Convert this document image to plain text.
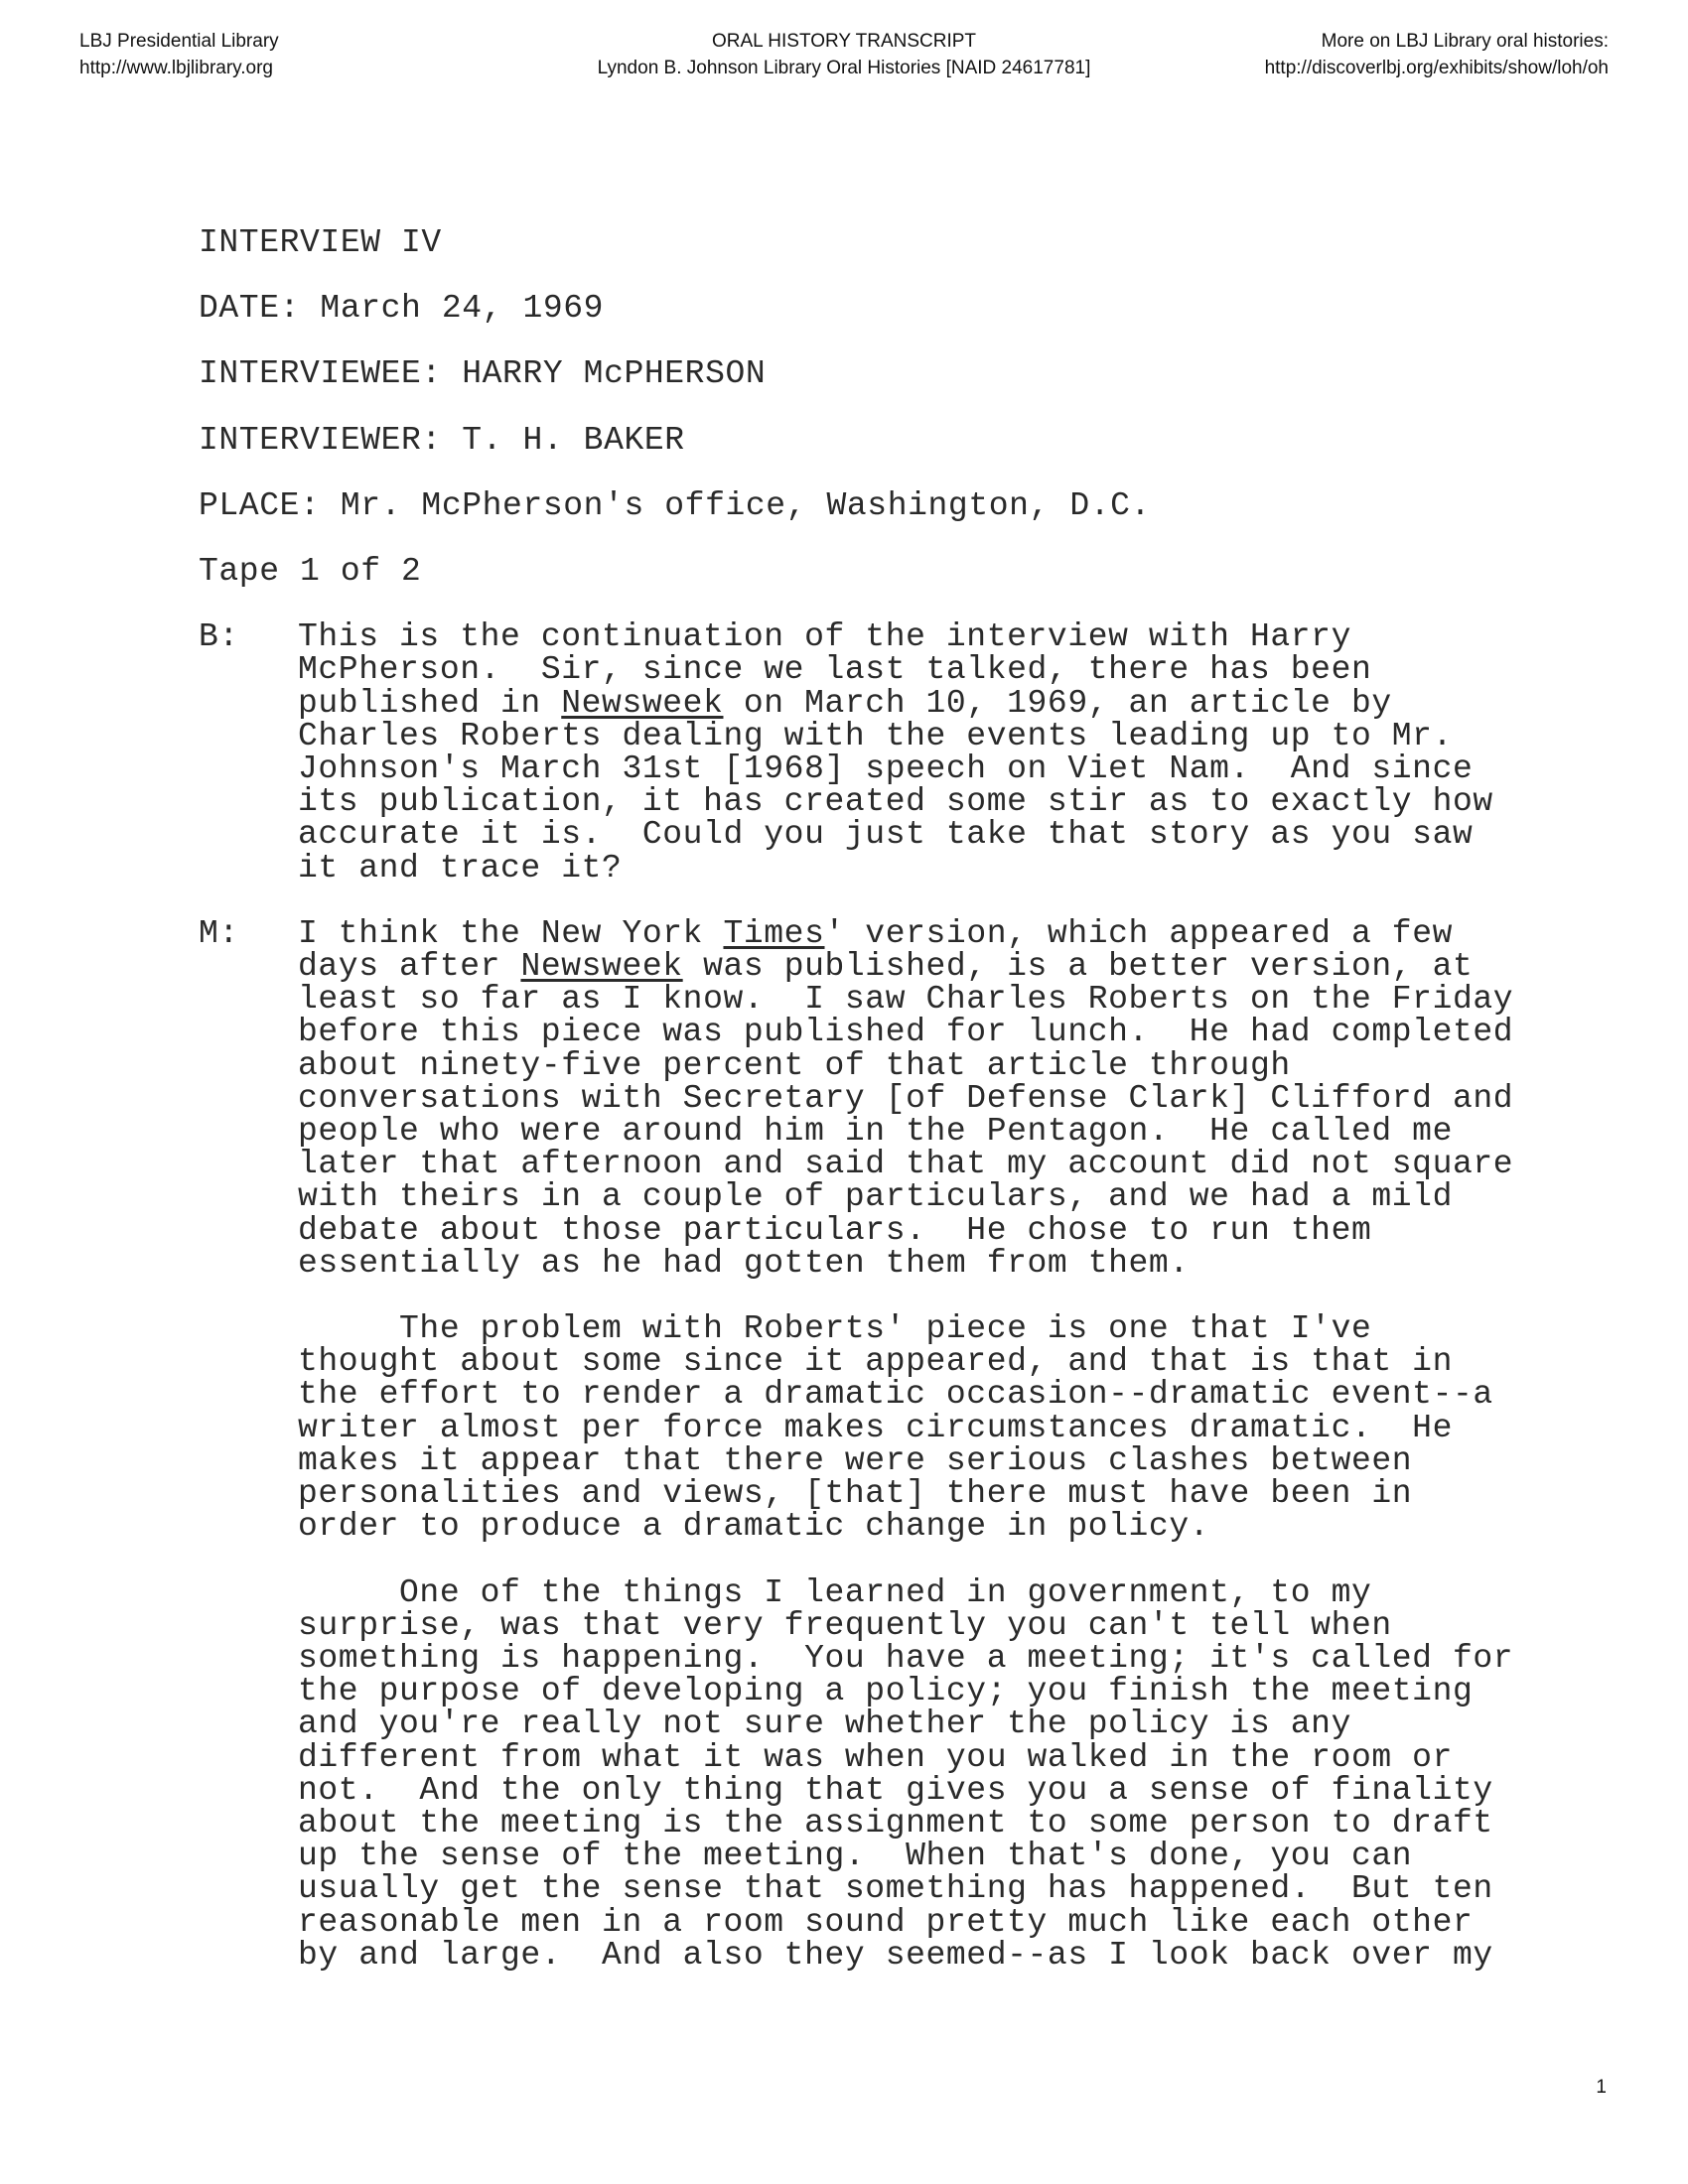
LBJ Presidential Library
http://www.lbjlibrary.org
ORAL HISTORY TRANSCRIPT
Lyndon B. Johnson Library Oral Histories [NAID 24617781]
More on LBJ Library oral histories:
http://discoverlbj.org/exhibits/show/loh/oh
INTERVIEW IV
DATE: March 24, 1969
INTERVIEWEE: HARRY McPHERSON
INTERVIEWER: T. H. BAKER
PLACE: Mr. McPherson's office, Washington, D.C.
Tape 1 of 2
B: This is the continuation of the interview with Harry
McPherson.  Sir, since we last talked, there has been
published in Newsweek on March 10, 1969, an article by
Charles Roberts dealing with the events leading up to Mr.
Johnson's March 31st [1968] speech on Viet Nam.  And since
its publication, it has created some stir as to exactly how
accurate it is.  Could you just take that story as you saw
it and trace it?
M: I think the New York Times' version, which appeared a few
days after Newsweek was published, is a better version, at
least so far as I know.  I saw Charles Roberts on the Friday
before this piece was published for lunch.  He had completed
about ninety-five percent of that article through
conversations with Secretary [of Defense Clark] Clifford and
people who were around him in the Pentagon.  He called me
later that afternoon and said that my account did not square
with theirs in a couple of particulars, and we had a mild
debate about those particulars.  He chose to run them
essentially as he had gotten them from them.
The problem with Roberts' piece is one that I've
thought about some since it appeared, and that is that in
the effort to render a dramatic occasion--dramatic event--a
writer almost per force makes circumstances dramatic.  He
makes it appear that there were serious clashes between
personalities and views, [that] there must have been in
order to produce a dramatic change in policy.
One of the things I learned in government, to my
surprise, was that very frequently you can't tell when
something is happening.  You have a meeting; it's called for
the purpose of developing a policy; you finish the meeting
and you're really not sure whether the policy is any
different from what it was when you walked in the room or
not.  And the only thing that gives you a sense of finality
about the meeting is the assignment to some person to draft
up the sense of the meeting.  When that's done, you can
usually get the sense that something has happened.  But ten
reasonable men in a room sound pretty much like each other
by and large.  And also they seemed--as I look back over my
1
